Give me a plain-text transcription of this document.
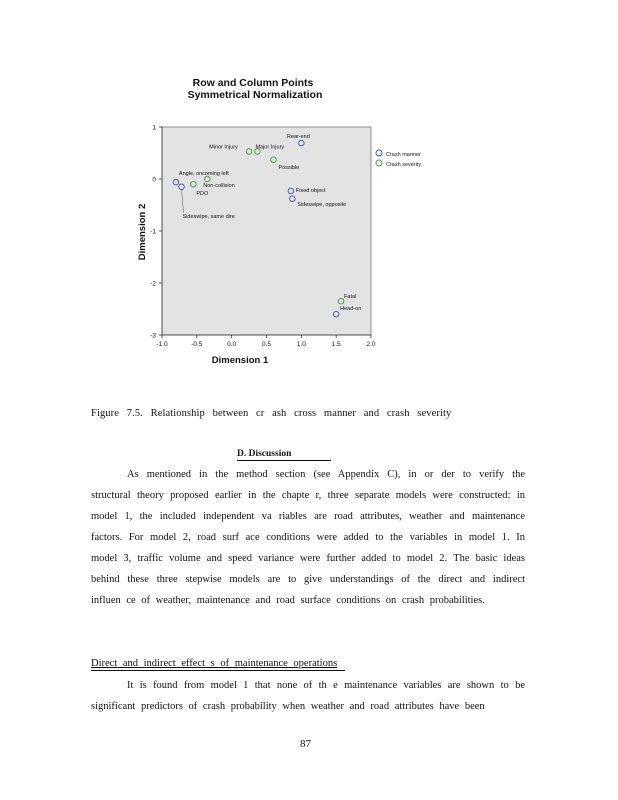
Row and Column Points
Symmetrical Normalization
1
0
-1
-2
-3
-1.0	-0.5	0.0	0.5	1.0	1.5	2.0
Rear-end
Angle, oncoming left
Sideswipe, same dire
Fixed object
Sideswipe, opposite
Head-on
Minor Injury	Major Injury
Possible
Non-collision
PDO
Fatal
Dimension 1
Dimension 2
Crash manner
Crash severity
Figure 7.5. Relationship between cr ash cross manner and crash severity
D. Discussion

As mentioned in the method section (see Appendix C), in or der to verify the structural theory proposed earlier in the chapte r, three separate models were constructed: in model 1, the included independent va riables are road attributes, weather and maintenance factors. For model 2, road surf ace conditions were added to the variables in model 1. In model 3, traffic volume and speed variance were further added to model 2. The basic ideas behind these three stepwise models are to give understandings of the direct and indirect influen ce of weather, maintenance and road surface conditions on crash probabilities.

Direct and indirect effect s of maintenance operations

It is found from model 1 that none of th e maintenance variables are shown to be significant predictors of crash probability when weather and road attributes have been

87
